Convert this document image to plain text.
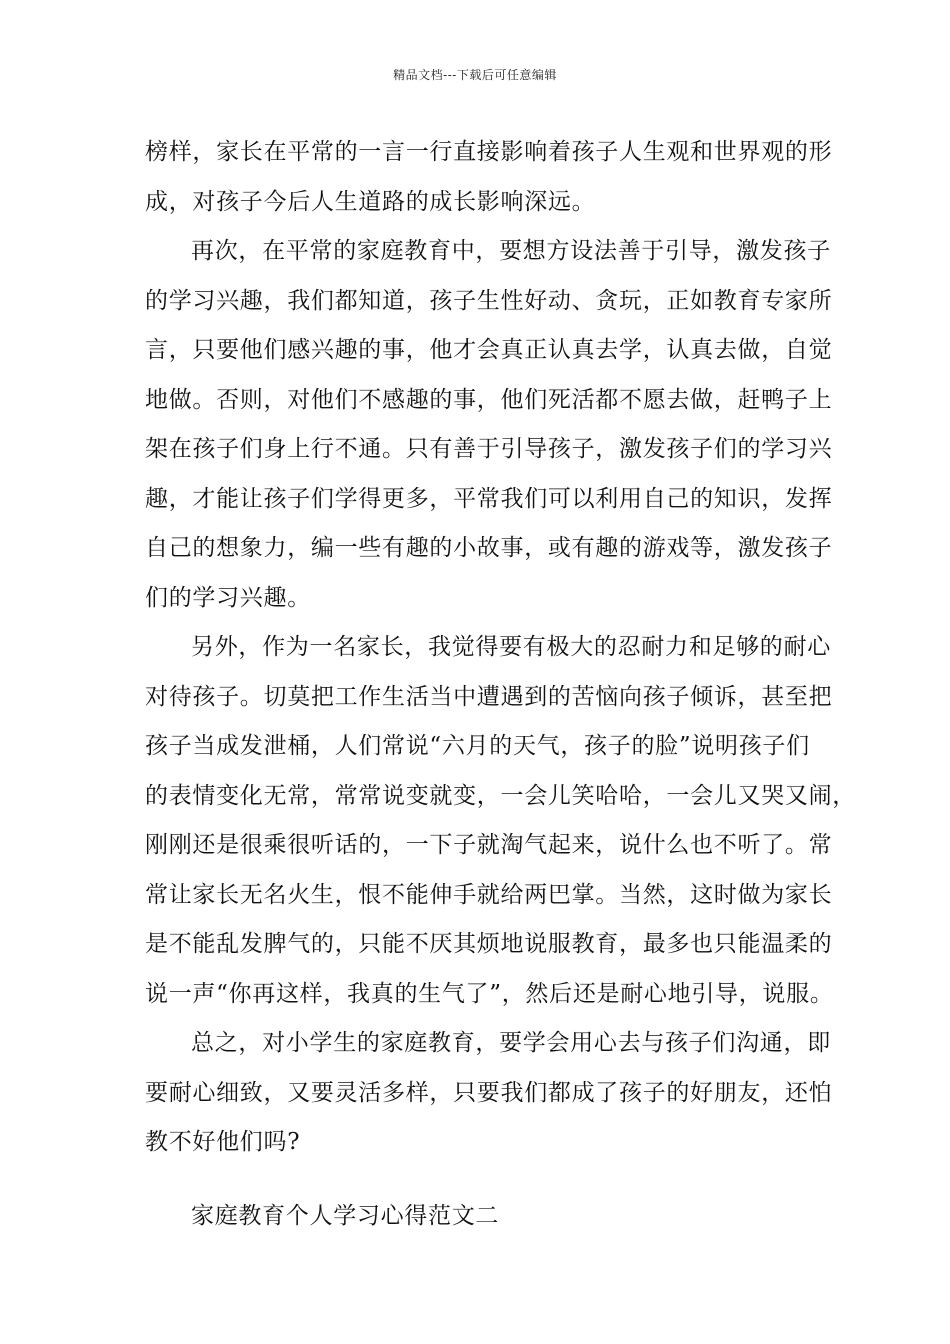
精品文档---下载后可任意编辑
榜样，家长在平常的一言一行直接影响着孩子人生观和世界观的形
成，对孩子今后人生道路的成长影响深远。
再次，在平常的家庭教育中，要想方设法善于引导，激发孩子
的学习兴趣，我们都知道，孩子生性好动、贪玩，正如教育专家所
言，只要他们感兴趣的事，他才会真正认真去学，认真去做，自觉
地做。否则，对他们不感趣的事，他们死活都不愿去做，赶鸭子上
架在孩子们身上行不通。只有善于引导孩子，激发孩子们的学习兴
趣，才能让孩子们学得更多，平常我们可以利用自己的知识，发挥
自己的想象力，编一些有趣的小故事，或有趣的游戏等，激发孩子
们的学习兴趣。
另外，作为一名家长，我觉得要有极大的忍耐力和足够的耐心
对待孩子。切莫把工作生活当中遭遇到的苦恼向孩子倾诉，甚至把
孩子当成发泄桶，人们常说“六月的天气，孩子的脸”说明孩子们
的表情变化无常，常常说变就变，一会儿笑哈哈，一会儿又哭又闹，
刚刚还是很乘很听话的，一下子就淘气起来，说什么也不听了。常
常让家长无名火生，恨不能伸手就给两巴掌。当然，这时做为家长
是不能乱发脾气的，只能不厌其烦地说服教育，最多也只能温柔的
说一声“你再这样，我真的生气了”，然后还是耐心地引导，说服。
总之，对小学生的家庭教育，要学会用心去与孩子们沟通，即
要耐心细致，又要灵活多样，只要我们都成了孩子的好朋友，还怕
教不好他们吗?
家庭教育个人学习心得范文二
